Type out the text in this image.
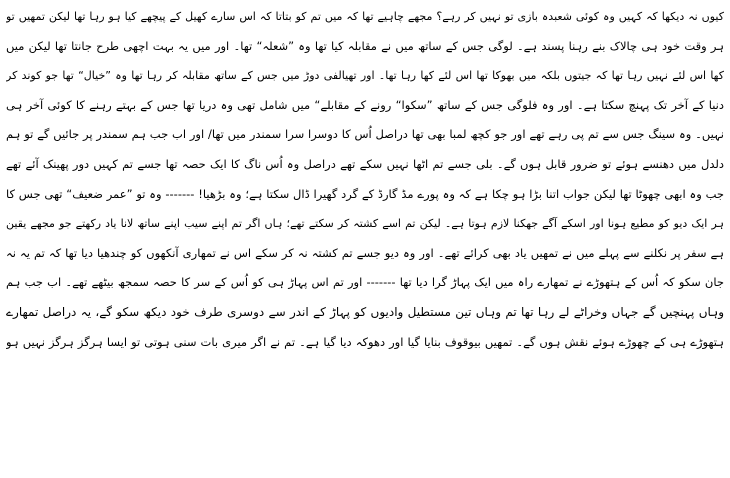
کیوں نہ دیکھا کہ کہیں وہ کوئی شعبدہ بازی تو نہیں کر رہے؟ مجھے چاہیے تھا کہ میں تم کو بتاتا کہ اس سارے کھیل کے پیچھے کیا ہو رہا تھا لیکن تمھیں تو
ہر وقت خود ہی چالاک بنے رہنا پسند ہے۔ لوگی جس کے ساتھ میں نے مقابلہ کیا تھا وہ ”شعلہ“ تھا۔ اور میں یہ بہت اچھی طرح جانتا تھا لیکن میں
کھا اس لئے نہیں رہا تھا کہ جیتوں بلکہ میں بھوکا تھا اس لئے کھا رہا تھا۔ اور تھیالفی دوڑ میں جس کے ساتھ مقابلہ کر رہا تھا وہ ”خیال“ تھا جو کوند کر
دنیا کے آخر تک پہنچ سکتا ہے۔ اور وہ فلوگی جس کے ساتھ ”سکوا“ رونے کے مقابلے“ میں شامل تھی وہ دریا تھا جس کے بہتے رہنے کا کوئی آخر ہی
نہیں۔ وہ سینگ جس سے تم پی رہے تھے اور جو کچھ لمبا بھی تھا دراصل اُس کا دوسرا سرا سمندر میں تھا/ اور اب جب ہم سمندر پر جائیں گے تو ہم
دلدل میں دھنسے ہوئے تو ضرور قابل ہوں گے۔ بلی جسے تم اٹھا نہیں سکے تھے دراصل وہ اُس ناگ کا ایک حصہ تھا جسے تم کہیں دور پھینک آئے تھے
جب وہ ابھی چھوٹا تھا لیکن جواب اتنا بڑا ہو چکا ہے کہ وہ پورے مڈ گارڈ کے گرد گھیرا ڈال سکتا ہے؛ وہ بڑھیا! ------- وہ تو ”عمر ضعیف“ تھی جس کا
ہر ایک دیو کو مطیع ہونا اور اسکے آگے جھکنا لازم ہوتا ہے۔ لیکن تم اسے کشتہ کر سکتے تھے؛ ہاں اگر تم اپنے سیب اپنے ساتھ لانا یاد رکھتے جو مجھے یقین
ہے سفر پر نکلنے سے پہلے میں نے تمھیں یاد بھی کرائے تھے۔ اور وہ دیو جسے تم کشتہ نہ کر سکے اس نے تمھاری آنکھوں کو چندھیا دیا تھا کہ تم یہ نہ
جان سکو کہ اُس کے ہتھوڑے نے تمھارے راہ میں ایک پہاڑ گرا دیا تھا ------- اور تم اس پہاڑ ہی کو اُس کے سر کا حصہ سمجھ بیٹھے تھے۔ اب جب ہم
وہاں پہنچیں گے جہاں وخراٹے لے رہا تھا تم وہاں تین مستطیل وادیوں کو پہاڑ کے اندر سے دوسری طرف خود دیکھ سکو گے، یہ دراصل تمھارے
ہتھوڑے ہی کے چھوڑے ہوئے نقش ہوں گے۔ تمھیں بیوقوف بنایا گیا اور دھوکہ دیا گیا ہے۔ تم نے اگر میری بات سنی ہوتی تو ایسا ہرگز ہرگز نہیں ہو
